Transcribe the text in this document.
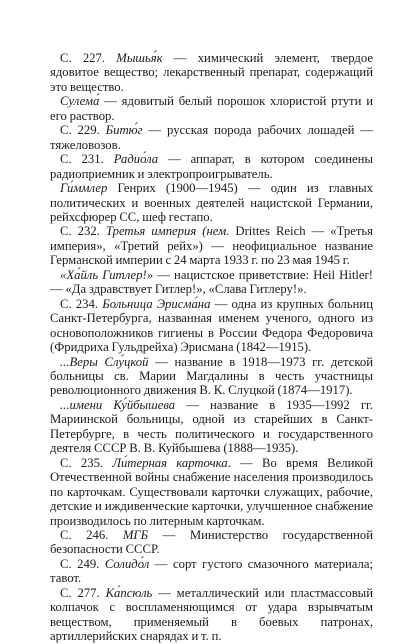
С. 227. Мышья́к — химический элемент, твердое ядовитое вещество; лекарственный препарат, содержащий это вещество.

Сулема́ — ядовитый белый порошок хлористой ртути и его раствор.

С. 229. Битю́г — русская порода рабочих лошадей — тяжеловозов.

С. 231. Радио́ла — аппарат, в котором соединены радиоприемник и электропроигрыватель.

Ги́ммлер Генрих (1900—1945) — один из главных политических и военных деятелей нацистской Германии, рейхсфюрер СС, шеф гестапо.

С. 232. Третья империя (нем. Drittes Reich — «Третья империя», «Третий рейх») — неофициальное название Германской империи с 24 марта 1933 г. по 23 мая 1945 г.

«Ха́йль Гитлер!» — нацистское приветствие: Heil Hitler! — «Да здравствует Гитлер!», «Слава Гитлеру!».

С. 234. Больница Эрисма́на — одна из крупных больниц Санкт-Петербурга, названная именем ученого, одного из основоположников гигиены в России Федора Федоровича (Фридриха Гульдрейха) Эрисмана (1842—1915).

...Веры Слу́цкой — название в 1918—1973 гг. детской больницы св. Марии Магдалины в честь участницы революционного движения В. К. Слуцкой (1874—1917).

...имени Ку́йбышева — название в 1935—1992 гг. Мариинской больницы, одной из старейших в Санкт-Петербурге, в честь политического и государственного деятеля СССР В. В. Куйбышева (1888—1935).

С. 235. Ли́терная карточка. — Во время Великой Отечественной войны снабжение населения производилось по карточкам. Существовали карточки служащих, рабочие, детские и иждивенческие карточки, улучшенное снабжение производилось по литерным карточкам.

С. 246. МГБ — Министерство государственной безопасности СССР.

С. 249. Солидо́л — сорт густого смазочного материала; тавот.

С. 277. Ка́псюль — металлический или пластмассовый колпачок с воспламеняющимся от удара взрывчатым веществом, применяемый в боевых патронах, артиллерийских снарядах и т. п.
